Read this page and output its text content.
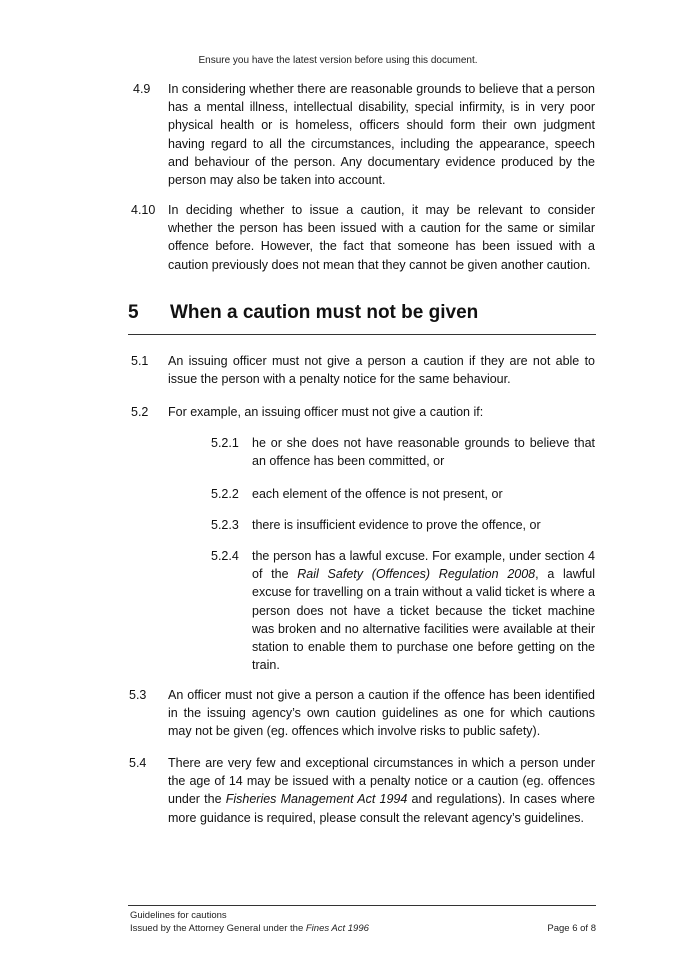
Ensure you have the latest version before using this document.
4.9 In considering whether there are reasonable grounds to believe that a person has a mental illness, intellectual disability, special infirmity, is in very poor physical health or is homeless, officers should form their own judgment having regard to all the circumstances, including the appearance, speech and behaviour of the person. Any documentary evidence produced by the person may also be taken into account.
4.10 In deciding whether to issue a caution, it may be relevant to consider whether the person has been issued with a caution for the same or similar offence before. However, the fact that someone has been issued with a caution previously does not mean that they cannot be given another caution.
5 When a caution must not be given
5.1 An issuing officer must not give a person a caution if they are not able to issue the person with a penalty notice for the same behaviour.
5.2 For example, an issuing officer must not give a caution if:
5.2.1 he or she does not have reasonable grounds to believe that an offence has been committed, or
5.2.2 each element of the offence is not present, or
5.2.3 there is insufficient evidence to prove the offence, or
5.2.4 the person has a lawful excuse. For example, under section 4 of the Rail Safety (Offences) Regulation 2008, a lawful excuse for travelling on a train without a valid ticket is where a person does not have a ticket because the ticket machine was broken and no alternative facilities were available at their station to enable them to purchase one before getting on the train.
5.3 An officer must not give a person a caution if the offence has been identified in the issuing agency’s own caution guidelines as one for which cautions may not be given (eg. offences which involve risks to public safety).
5.4 There are very few and exceptional circumstances in which a person under the age of 14 may be issued with a penalty notice or a caution (eg. offences under the Fisheries Management Act 1994 and regulations). In cases where more guidance is required, please consult the relevant agency’s guidelines.
Guidelines for cautions
Issued by the Attorney General under the Fines Act 1996	Page 6 of 8
